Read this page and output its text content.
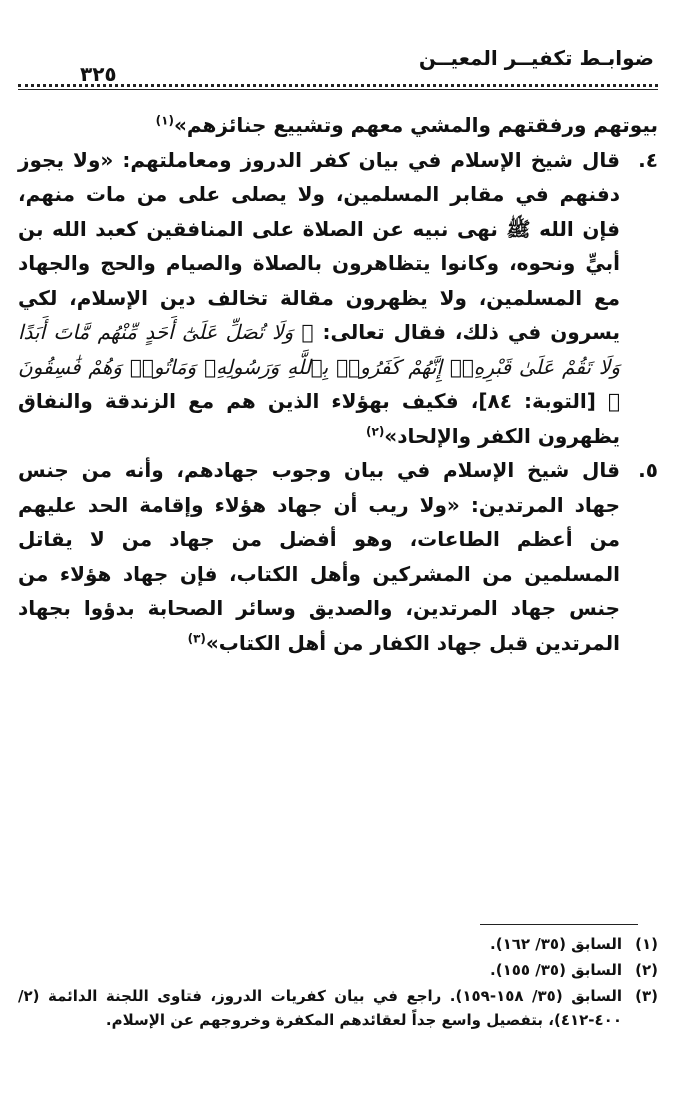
ضوابـط تكفيــر المعيــن
٣٢٥

بيوتهم ورفقتهم والمشي معهم وتشييع جنائزهم»$^{(١)}$

٤.
قال شيخ الإسلام في بيان كفر الدروز ومعاملتهم: «ولا يجوز دفنهم في مقابر المسلمين، ولا يصلى على من مات منهم، فإن الله ﷺ نهى نبيه عن الصلاة على المنافقين كعبد الله بن أبيٍّ ونحوه، وكانوا يتظاهرون بالصلاة والصيام والحج والجهاد مع المسلمين، ولا يظهرون مقالة تخالف دين الإسلام، لكي يسرون في ذلك، فقال تعالى: ﴿ وَلَا تُصَلِّ عَلَىٰٓ أَحَدٍ مِّنْهُم مَّاتَ أَبَدًا وَلَا تَقُمْ عَلَىٰ قَبْرِهِۦٓ إِنَّهُمْ كَفَرُوا۟ بِٱللَّهِ وَرَسُولِهِۦ وَمَاتُوا۟ وَهُمْ فَٰسِقُونَ ﴾ [التوبة: ٨٤]، فكيف بهؤلاء الذين هم مع الزندقة والنفاق يظهرون الكفر والإلحاد»$^{(٢)}$

٥.
قال شيخ الإسلام في بيان وجوب جهادهم، وأنه من جنس جهاد المرتدين: «ولا ريب أن جهاد هؤلاء وإقامة الحد عليهم من أعظم الطاعات، وهو أفضل من جهاد من لا يقاتل المسلمين من المشركين وأهل الكتاب، فإن جهاد هؤلاء من جنس جهاد المرتدين، والصديق وسائر الصحابة بدؤوا بجهاد المرتدين قبل جهاد الكفار من أهل الكتاب»$^{(٣)}$

(١)
السابق (٣٥/ ١٦٢).

(٢)
السابق (٣٥/ ١٥٥).

(٣)
السابق (٣٥/ ١٥٨-١٥٩). راجع في بيان كفريات الدروز، فتاوى اللجنة الدائمة (٢/ ٤٠٠-٤١٢)، بتفصيل واسع جداً لعقائدهم المكفرة وخروجهم عن الإسلام.
